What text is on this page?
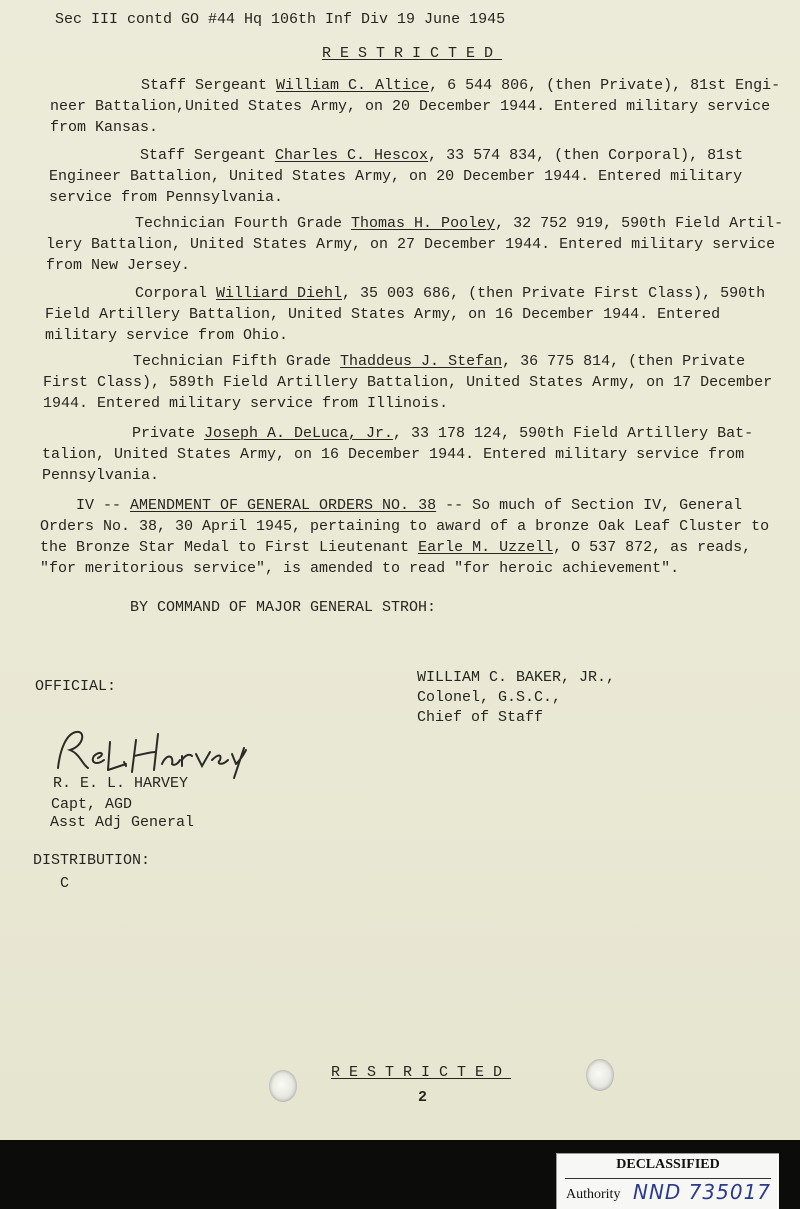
Sec III contd GO #44 Hq 106th Inf Div 19 June 1945
RESTRICTED
Staff Sergeant William C. Altice, 6 544 806, (then Private), 81st Engi-
neer Battalion,United States Army, on 20 December 1944. Entered military service
from Kansas.
Staff Sergeant Charles C. Hescox, 33 574 834, (then Corporal), 81st
Engineer Battalion, United States Army, on 20 December 1944. Entered military
service from Pennsylvania.
Technician Fourth Grade Thomas H. Pooley, 32 752 919, 590th Field Artil-
lery Battalion, United States Army, on 27 December 1944. Entered military service
from New Jersey.
Corporal Williard Diehl, 35 003 686, (then Private First Class), 590th
Field Artillery Battalion, United States Army, on 16 December 1944. Entered
military service from Ohio.
Technician Fifth Grade Thaddeus J. Stefan, 36 775 814, (then Private
First Class), 589th Field Artillery Battalion, United States Army, on 17 December
1944. Entered military service from Illinois.
Private Joseph A. DeLuca, Jr., 33 178 124, 590th Field Artillery Bat-
talion, United States Army, on 16 December 1944. Entered military service from
Pennsylvania.
IV -- AMENDMENT OF GENERAL ORDERS NO. 38 -- So much of Section IV, General
Orders No. 38, 30 April 1945, pertaining to award of a bronze Oak Leaf Cluster to
the Bronze Star Medal to First Lieutenant Earle M. Uzzell, O 537 872, as reads,
"for meritorious service", is amended to read "for heroic achievement".
BY COMMAND OF MAJOR GENERAL STROH:
OFFICIAL:
WILLIAM C. BAKER, JR.,
Colonel, G.S.C.,
Chief of Staff
R. E. L. HARVEY
Capt, AGD
Asst Adj General
DISTRIBUTION:
C
RESTRICTED
2
DECLASSIFIED
Authority NND 735017
